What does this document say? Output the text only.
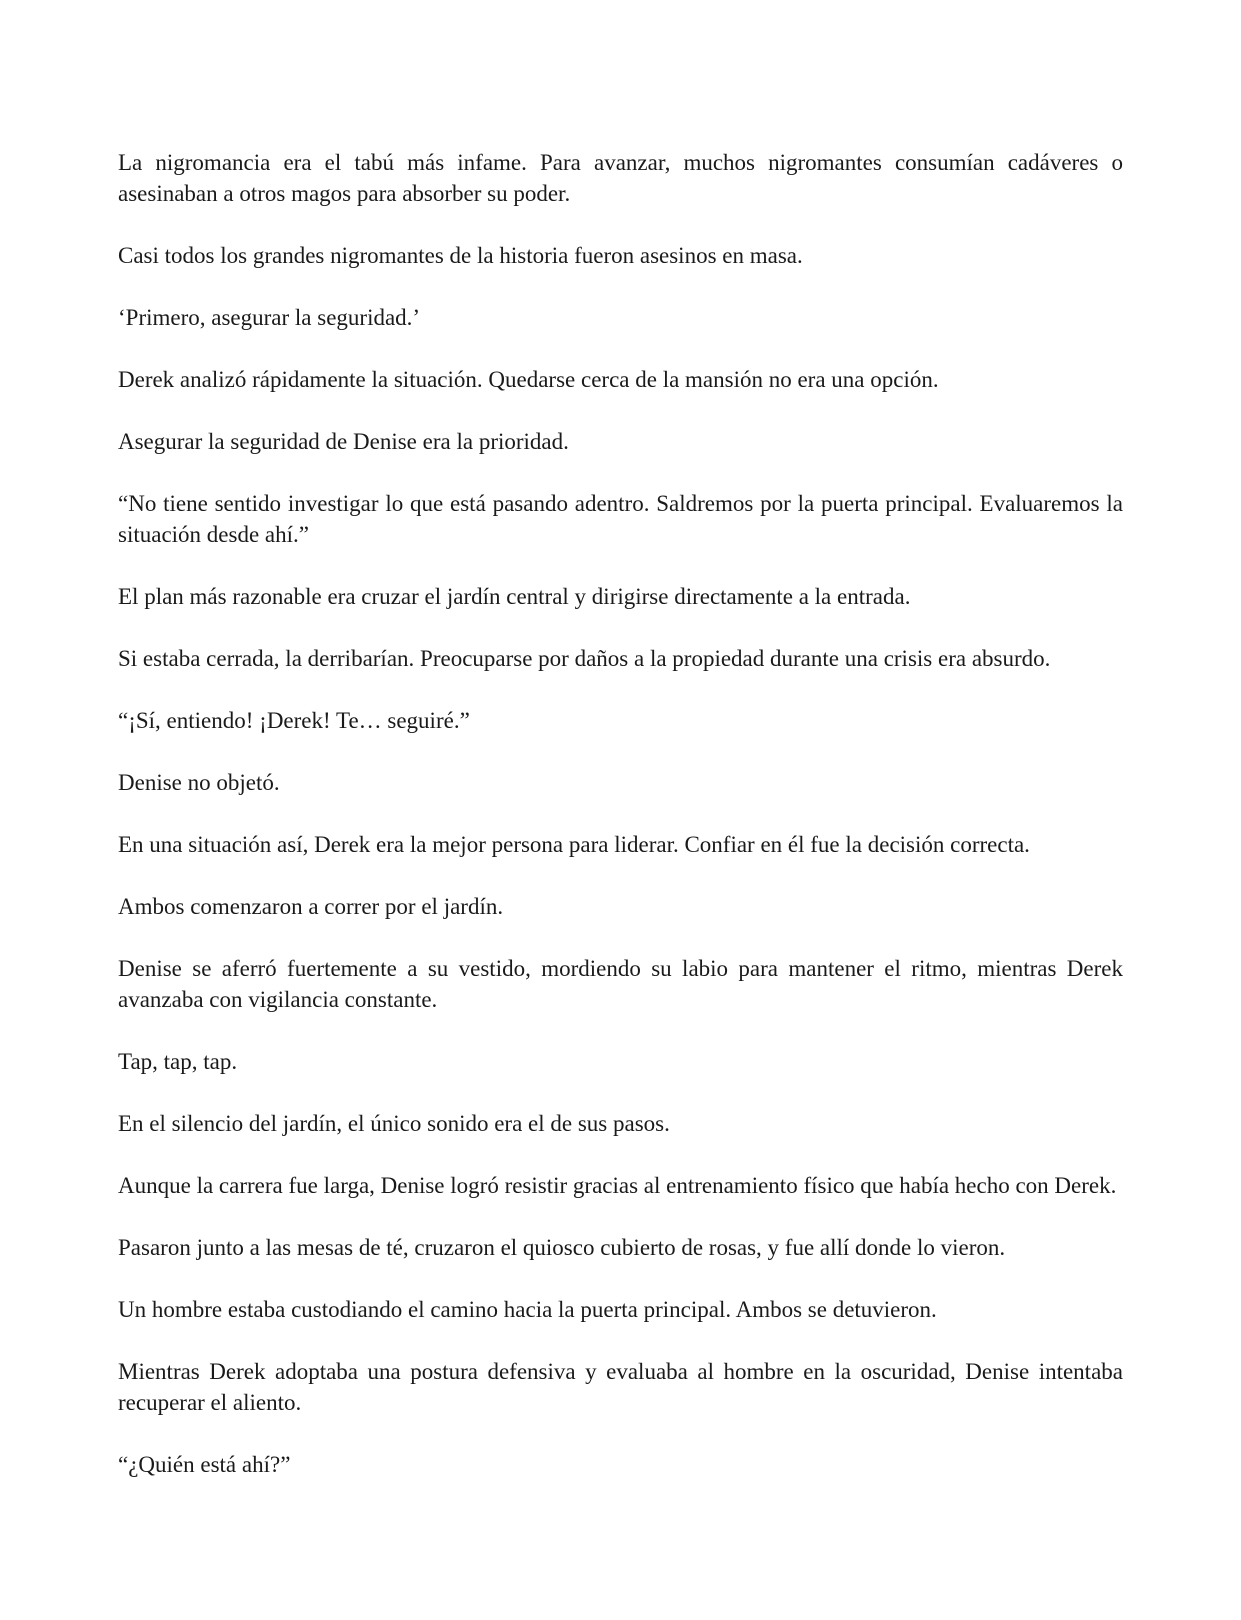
La nigromancia era el tabú más infame. Para avanzar, muchos nigromantes consumían cadáveres o asesinaban a otros magos para absorber su poder.

Casi todos los grandes nigromantes de la historia fueron asesinos en masa.

‘Primero, asegurar la seguridad.’

Derek analizó rápidamente la situación. Quedarse cerca de la mansión no era una opción.

Asegurar la seguridad de Denise era la prioridad.

“No tiene sentido investigar lo que está pasando adentro. Saldremos por la puerta principal. Evaluaremos la situación desde ahí.”

El plan más razonable era cruzar el jardín central y dirigirse directamente a la entrada.

Si estaba cerrada, la derribarían. Preocuparse por daños a la propiedad durante una crisis era absurdo.

“¡Sí, entiendo! ¡Derek! Te… seguiré.”

Denise no objetó.

En una situación así, Derek era la mejor persona para liderar. Confiar en él fue la decisión correcta.

Ambos comenzaron a correr por el jardín.

Denise se aferró fuertemente a su vestido, mordiendo su labio para mantener el ritmo, mientras Derek avanzaba con vigilancia constante.

Tap, tap, tap.

En el silencio del jardín, el único sonido era el de sus pasos.

Aunque la carrera fue larga, Denise logró resistir gracias al entrenamiento físico que había hecho con Derek.

Pasaron junto a las mesas de té, cruzaron el quiosco cubierto de rosas, y fue allí donde lo vieron.

Un hombre estaba custodiando el camino hacia la puerta principal. Ambos se detuvieron.

Mientras Derek adoptaba una postura defensiva y evaluaba al hombre en la oscuridad, Denise intentaba recuperar el aliento.

“¿Quién está ahí?”
